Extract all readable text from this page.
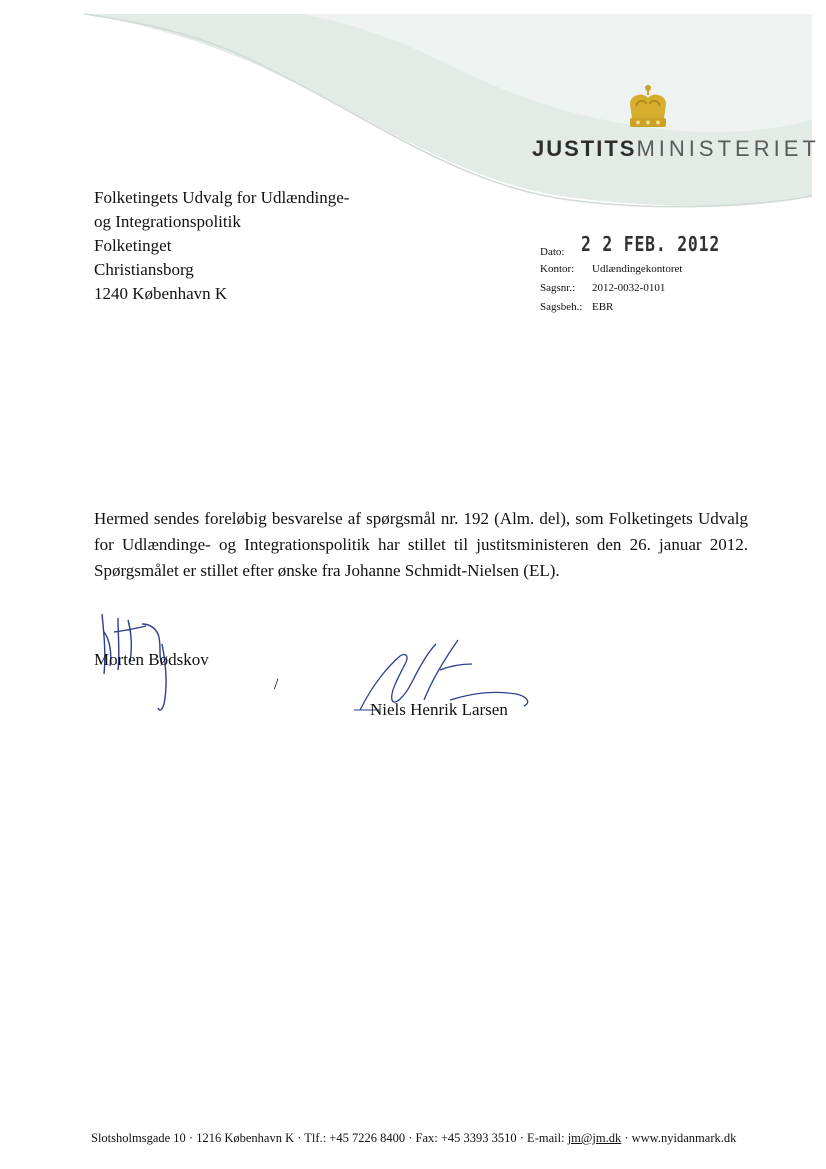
JUSTITSMINISTERIET
Folketingets Udvalg for Udlændinge-
og Integrationspolitik
Folketinget
Christiansborg
1240 København K
Dato: 2 2 FEB. 2012
Kontor: Udlændingekontoret
Sagsnr.: 2012-0032-0101
Sagsbeh.: EBR

Hermed sendes foreløbig besvarelse af spørgsmål nr. 192 (Alm. del), som Folketingets Udvalg for Udlændinge- og Integrationspolitik har stillet til justitsministeren den 26. januar 2012. Spørgsmålet er stillet efter ønske fra Johanne Schmidt-Nielsen (EL).

Morten Bødskov
/
Niels Henrik Larsen
Slotsholmsgade 10 · 1216 København K · Tlf.: +45 7226 8400 · Fax: +45 3393 3510 · E-mail: jm@jm.dk · www.nyidanmark.dk
